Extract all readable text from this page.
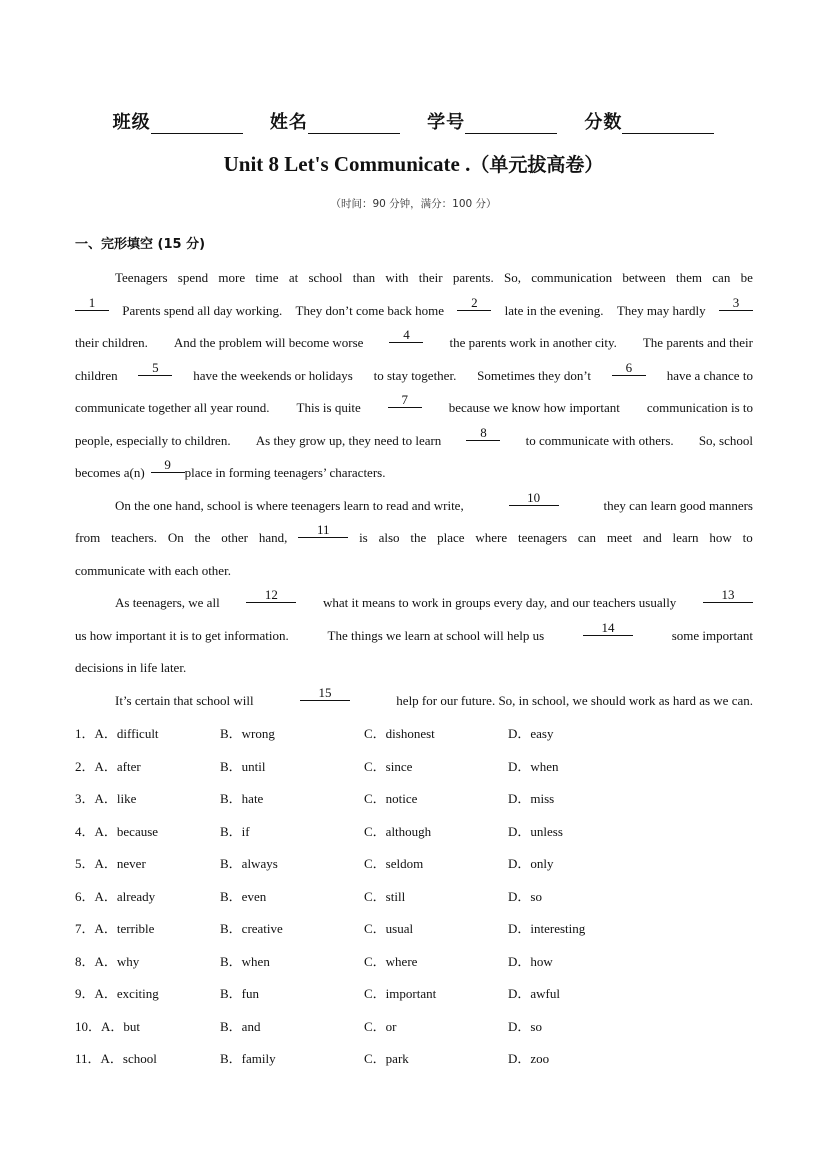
班级	姓名	学号	分数
Unit 8 Let's Communicate .（单元拔高卷）
（时间：90 分钟，满分：100 分）
一、完形填空 (15 分)
Teenagers spend more time at school than with their parents. So, communication between them can be
1
Parents spend all day working. They don’t come back home
2
late in the evening. They may hardly
3
their children. And the problem will become worse
4
the parents work in another city. The parents and their
children
5
have the weekends or holidays to stay together. Sometimes they don’t
6
have a chance to
communicate together all year round. This is quite
7
because we know how important communication is to
people, especially to children. As they grow up, they need to learn
8
to communicate with others. So, school
becomes a(n)
9
place in forming teenagers’ characters.
On the one hand, school is where teenagers learn to read and write,
10
they can learn good manners
from teachers. On the other hand,
11
is also the place where teenagers can meet and learn how to
communicate with each other.
As teenagers, we all
12
what it means to work in groups every day, and our teachers usually
13
us how important it is to get information.	The things we learn at school will help us
14
some important
decisions in life later.
It’s certain that school will
15
help for our future. So, in school, we should work as hard as we can.
1．A．difficult	B．wrong	C．dishonest	D．easy
2．A．after	B．until	C．since	D．when
3．A．like	B．hate	C．notice	D．miss
4．A．because	B．if	C．although	D．unless
5．A．never	B．always	C．seldom	D．only
6．A．already	B．even	C．still	D．so
7．A．terrible	B．creative	C．usual	D．interesting
8．A．why	B．when	C．where	D．how
9．A．exciting	B．fun	C．important	D．awful
10．A．but	B．and	C．or	D．so
11．A．school	B．family	C．park	D．zoo
